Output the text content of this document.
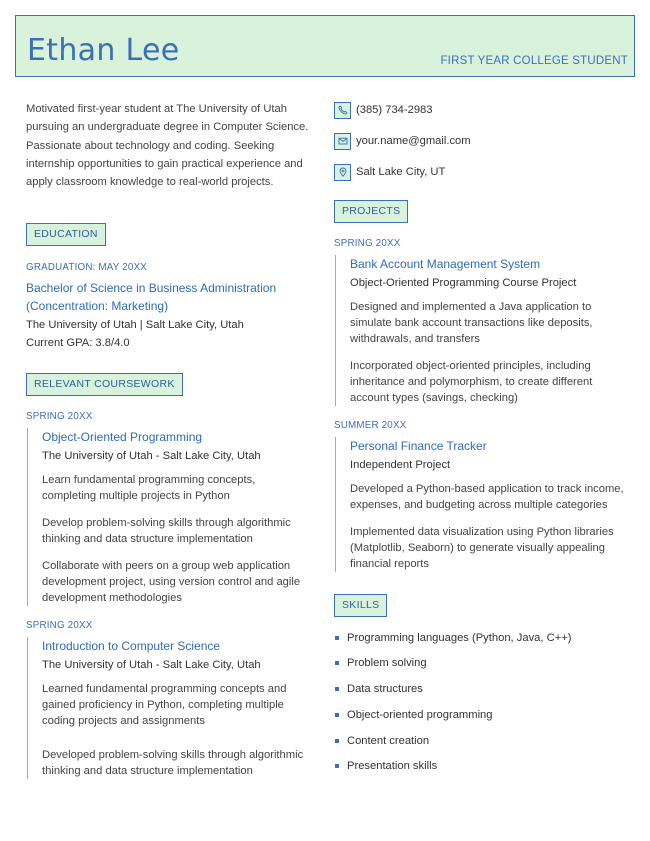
Ethan Lee	FIRST YEAR COLLEGE STUDENT

Motivated first-year student at The University of Utah pursuing an undergraduate degree in Computer Science. Passionate about technology and coding. Seeking internship opportunities to gain practical experience and apply classroom knowledge to real-world projects.

EDUCATION
GRADUATION: MAY 20XX
Bachelor of Science in Business Administration (Concentration: Marketing)
The University of Utah | Salt Lake City, Utah
Current GPA: 3.8/4.0
RELEVANT COURSEWORK
SPRING 20XX
Object-Oriented Programming
The University of Utah - Salt Lake City, Utah
Learn fundamental programming concepts, completing multiple projects in Python
Develop problem-solving skills through algorithmic thinking and data structure implementation
Collaborate with peers on a group web application development project, using version control and agile development methodologies
SPRING 20XX
Introduction to Computer Science
The University of Utah - Salt Lake City, Utah
Learned fundamental programming concepts and gained proficiency in Python, completing multiple coding projects and assignments
Developed problem-solving skills through algorithmic thinking and data structure implementation
(385) 734-2983
your.name@gmail.com
Salt Lake City, UT
PROJECTS
SPRING 20XX
Bank Account Management System
Object-Oriented Programming Course Project
Designed and implemented a Java application to simulate bank account transactions like deposits, withdrawals, and transfers
Incorporated object-oriented principles, including inheritance and polymorphism, to create different account types (savings, checking)
SUMMER 20XX
Personal Finance Tracker
Independent Project
Developed a Python-based application to track income, expenses, and budgeting across multiple categories
Implemented data visualization using Python libraries (Matplotlib, Seaborn) to generate visually appealing financial reports
SKILLS
Programming languages (Python, Java, C++)
Problem solving
Data structures
Object-oriented programming
Content creation
Presentation skills
